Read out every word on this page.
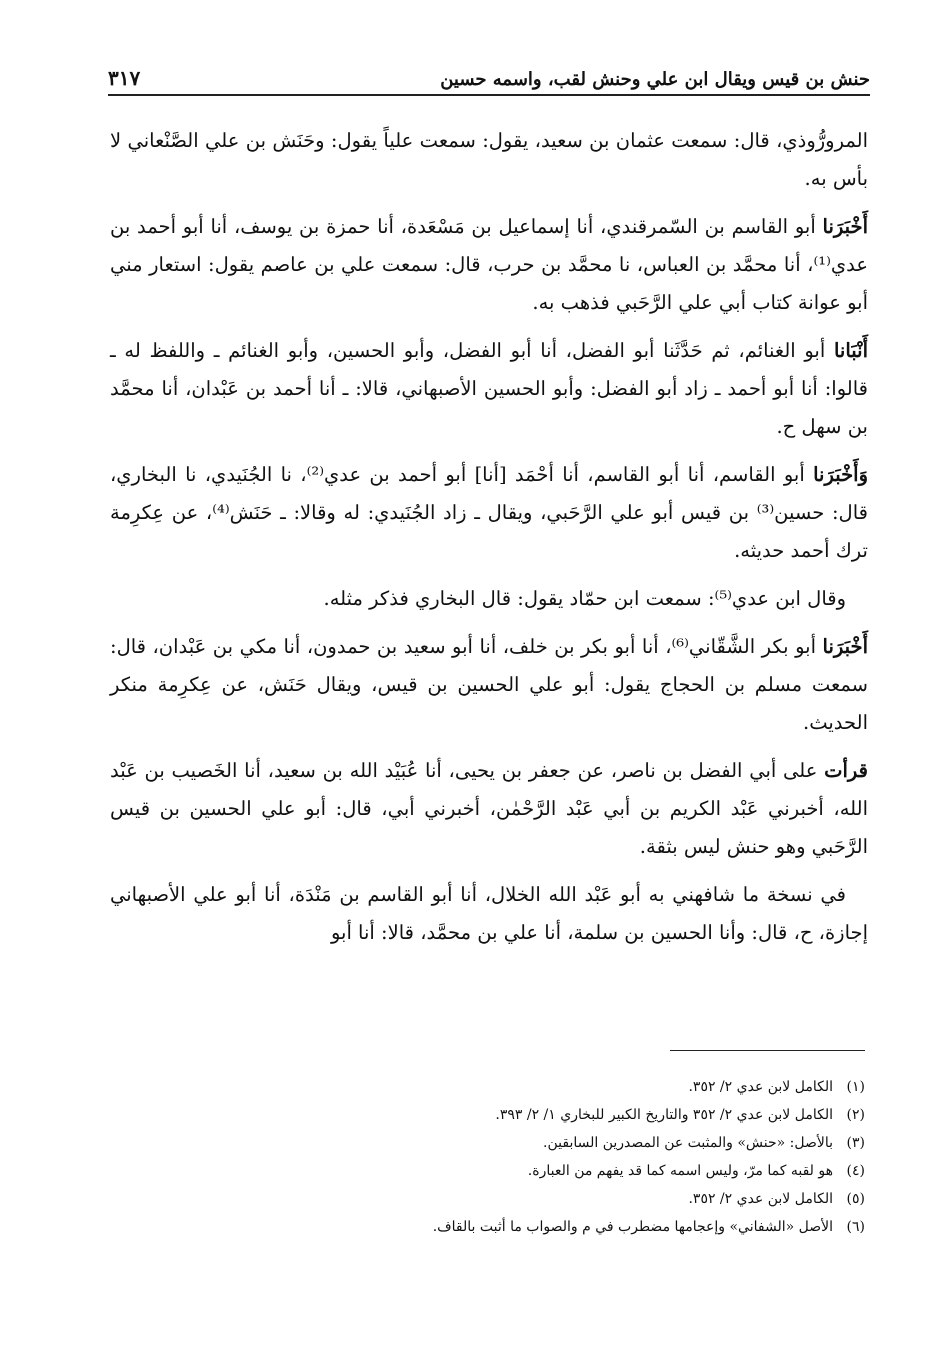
حنش بن قيس ويقال ابن علي وحنش لقب، واسمه حسين
٣١٧

المرورُّوذي، قال: سمعت عثمان بن سعيد، يقول: سمعت علياً يقول: وحَنَش بن علي الصَّنْعاني لا بأس به.

أَخْبَرَنا أبو القاسم بن السّمرقندي، أنا إسماعيل بن مَسْعَدة، أنا حمزة بن يوسف، أنا أبو أحمد بن عدي⁽¹⁾، أنا محمَّد بن العباس، نا محمَّد بن حرب، قال: سمعت علي بن عاصم يقول: استعار مني أبو عوانة كتاب أبي علي الرَّحَبي فذهب به.

أَنْبَانا أبو الغنائم، ثم حَدَّثَنا أبو الفضل، أنا أبو الفضل، وأبو الحسين، وأبو الغنائم ـ واللفظ له ـ قالوا: أنا أبو أحمد ـ زاد أبو الفضل: وأبو الحسين الأصبهاني، قالا: ـ أنا أحمد بن عَبْدان، أنا محمَّد بن سهل ح.

وَأَخْبَرَنا أبو القاسم، أنا أبو القاسم، أنا أحْمَد [أنا] أبو أحمد بن عدي⁽²⁾، نا الجُنَيدي، نا البخاري، قال: حسين⁽³⁾ بن قيس أبو علي الرَّحَبي، ويقال ـ زاد الجُنَيدي: له وقالا: ـ حَنَش⁽⁴⁾، عن عِكرِمة ترك أحمد حديثه.

وقال ابن عدي⁽⁵⁾: سمعت ابن حمّاد يقول: قال البخاري فذكر مثله.

أَخْبَرَنا أبو بكر الشَّقّاني⁽⁶⁾، أنا أبو بكر بن خلف، أنا أبو سعيد بن حمدون، أنا مكي بن عَبْدان، قال: سمعت مسلم بن الحجاج يقول: أبو علي الحسين بن قيس، ويقال حَنَش، عن عِكرِمة منكر الحديث.

قرأت على أبي الفضل بن ناصر، عن جعفر بن يحيى، أنا عُبَيْد الله بن سعيد، أنا الخَصيب بن عَبْد الله، أخبرني عَبْد الكريم بن أبي عَبْد الرَّحْمٰن، أخبرني أبي، قال: أبو علي الحسين بن قيس الرَّحَبي وهو حنش ليس بثقة.

في نسخة ما شافهني به أبو عَبْد الله الخلال، أنا أبو القاسم بن مَنْدَة، أنا أبو علي الأصبهاني إجازة، ح، قال: وأنا الحسين بن سلمة، أنا علي بن محمَّد، قالا: أنا أبو

(١)
الكامل لابن عدي ٢/ ٣٥٢.
(٢)
الكامل لابن عدي ٢/ ٣٥٢ والتاريخ الكبير للبخاري ١/ ٢/ ٣٩٣.
(٣)
بالأصل: «حنش» والمثبت عن المصدرين السابقين.
(٤)
هو لقبه كما مرّ، وليس اسمه كما قد يفهم من العبارة.
(٥)
الكامل لابن عدي ٢/ ٣٥٢.
(٦)
الأصل «الشفاني» وإعجامها مضطرب في م والصواب ما أثبت بالقاف.
